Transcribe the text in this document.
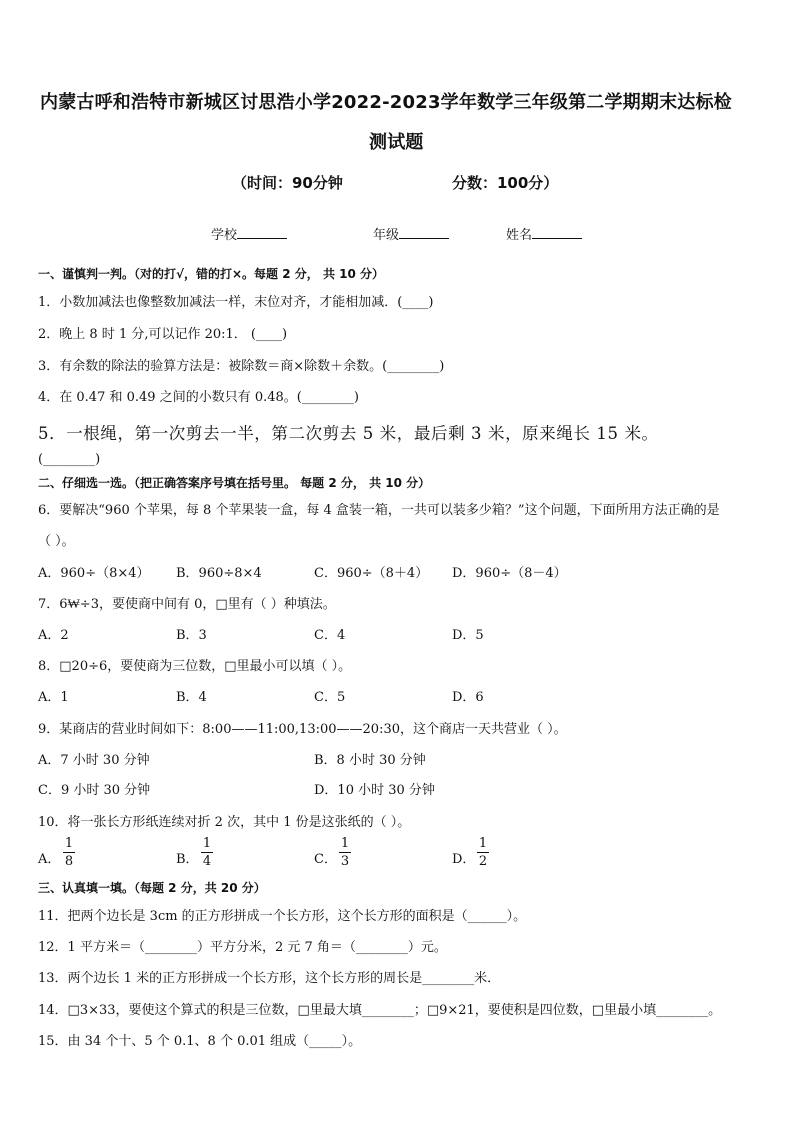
内蒙古呼和浩特市新城区讨思浩小学2022-2023学年数学三年级第二学期期末达标检
测试题
（时间：90分钟	分数：100分）
学校	年级	姓名
一、谨慎判一判。（对的打√，错的打×。每题 2 分， 共 10 分）
1．小数加减法也像整数加减法一样，末位对齐，才能相加减．(____)
2．晚上 8 时 1 分,可以记作 20:1． (____)
3．有余数的除法的验算方法是：被除数＝商×除数＋余数。(________)
4．在 0.47 和 0.49 之间的小数只有 0.48。(________)
5．一根绳，第一次剪去一半，第二次剪去 5 米，最后剩 3 米，原来绳长 15 米。
(________)
二、仔细选一选。（把正确答案序号填在括号里。 每题 2 分， 共 10 分）
6．要解决“960 个苹果，每 8 个苹果装一盒，每 4 盒装一箱，一共可以装多少箱？”这个问题，下面所用方法正确的是
（ ）。
A．960÷（8×4） B．960÷8×4	C．960÷（8＋4） D．960÷（8－4）
7．6₩÷3，要使商中间有 0，□里有（ ）种填法。
A．2	B．3	C．4	D．5
8．□20÷6，要使商为三位数，□里最小可以填（ ）。
A．1	B．4	C．5	D．6
9．某商店的营业时间如下：8:00——11:00,13:00——20:30，这个商店一天共营业（ ）。
A．7 小时 30 分钟	B．8 小时 30 分钟
C．9 小时 30 分钟	D．10 小时 30 分钟
10．将一张长方形纸连续对折 2 次，其中 1 份是这张纸的（ ）。
A．
1
8	B．
1
4	C．
1
3	D．
1
2
三、认真填一填。（每题 2 分，共 20 分）
11．把两个边长是 3cm 的正方形拼成一个长方形，这个长方形的面积是（______）。
12．1 平方米＝（________）平方分米，2 元 7 角＝（________）元。
13．两个边长 1 米的正方形拼成一个长方形，这个长方形的周长是________米．
14．□3×33，要使这个算式的积是三位数，□里最大填________；□9×21，要使积是四位数，□里最小填________。
15．由 34 个十、5 个 0.1、8 个 0.01 组成（_____）。
